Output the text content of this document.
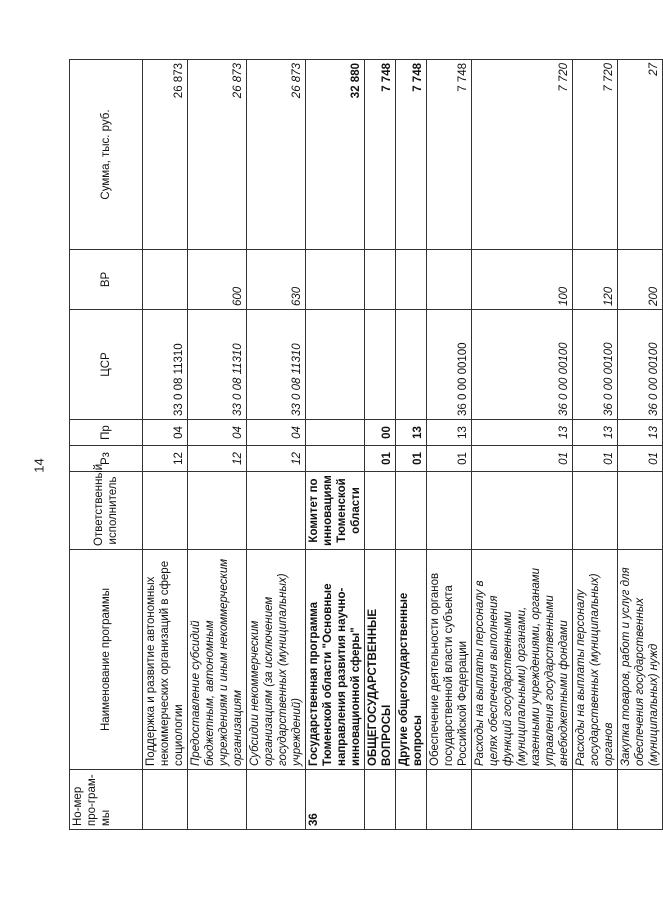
14
Но-мер про-грам-мы	Наименование программы	Ответственный исполнитель	Рз	Пр	ЦСР	ВР	Сумма, тыс. руб.
	Поддержка и развитие автономных некоммерческих организаций в сфере социологии		12	04	33 0 08 11310		26 873
	Предоставление субсидий бюджетным, автономным учреждениям и иным некоммерческим организациям		12	04	33 0 08 11310	600	26 873
	Субсидии некоммерческим организациям (за исключением государственных (муниципальных) учреждений)		12	04	33 0 08 11310	630	26 873
36	Государственная программа Тюменской области "Основные направления развития научно-инновационной сферы"	Комитет по инновациям Тюменской области					32 880
	ОБЩЕГОСУДАРСТВЕННЫЕ ВОПРОСЫ		01	00			7 748
	Другие общегосударственные вопросы		01	13			7 748
	Обеспечение деятельности органов государственной власти субъекта Российской Федерации		01	13	36 0 00 00100		7 748
	Расходы на выплаты персоналу в целях обеспечения выполнения функций государственными (муниципальными) органами, казенными учреждениями, органами управления государственными внебюджетными фондами		01	13	36 0 00 00100	100	7 720
	Расходы на выплаты персоналу государственных (муниципальных) органов		01	13	36 0 00 00100	120	7 720
	Закупка товаров, работ и услуг для обеспечения государственных (муниципальных) нужд		01	13	36 0 00 00100	200	27
